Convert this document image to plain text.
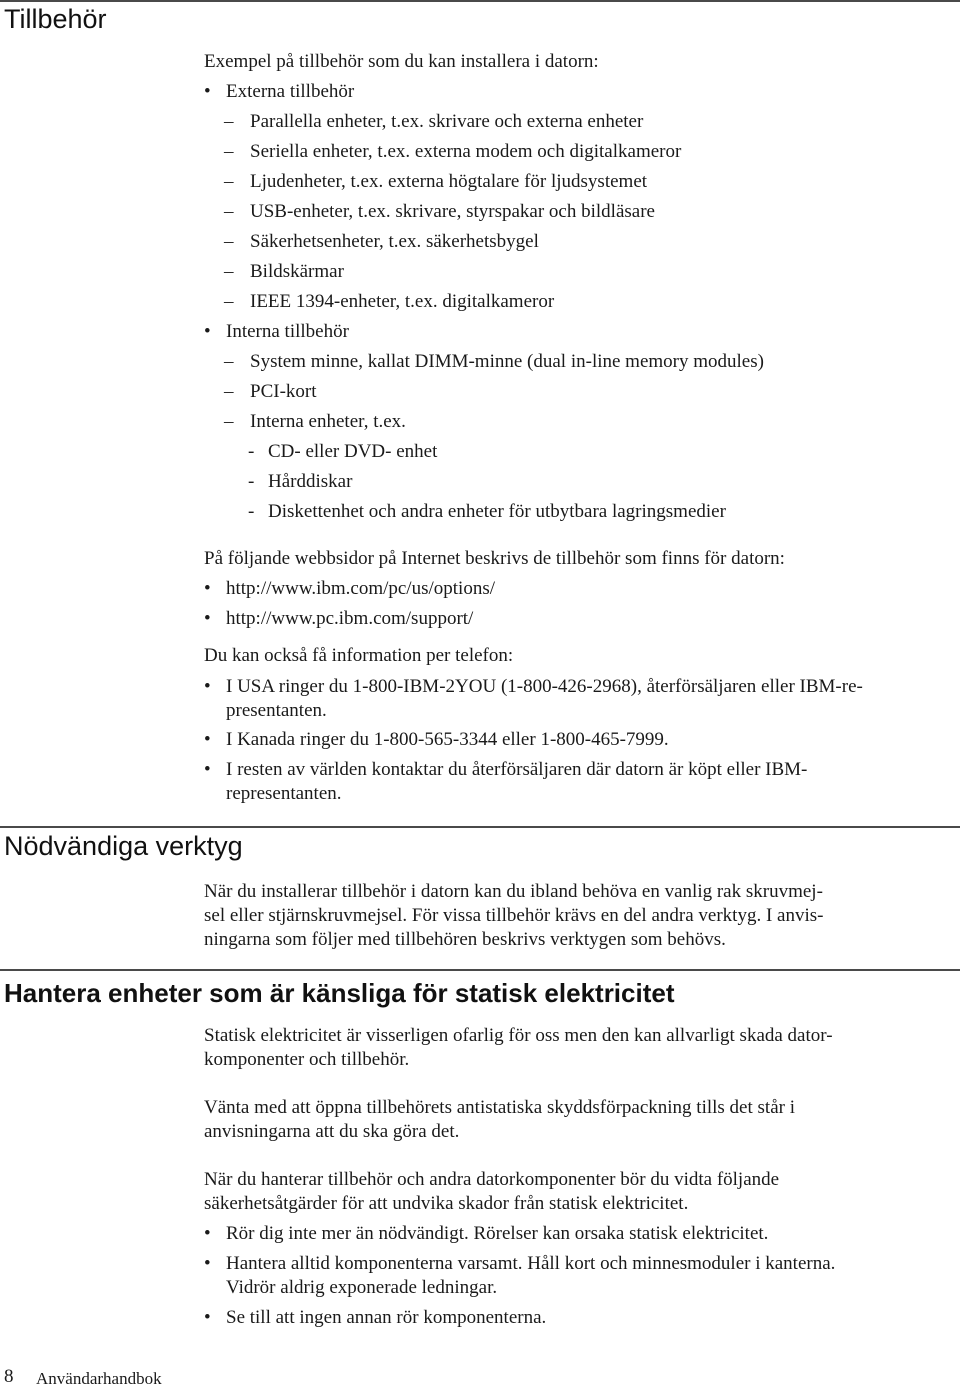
Tillbehör
Exempel på tillbehör som du kan installera i datorn:
• Externa tillbehör
– Parallella enheter, t.ex. skrivare och externa enheter
– Seriella enheter, t.ex. externa modem och digitalkameror
– Ljudenheter, t.ex. externa högtalare för ljudsystemet
– USB-enheter, t.ex. skrivare, styrspakar och bildläsare
– Säkerhetsenheter, t.ex. säkerhetsbygel
– Bildskärmar
– IEEE 1394-enheter, t.ex. digitalkameror
• Interna tillbehör
– System minne, kallat DIMM-minne (dual in-line memory modules)
– PCI-kort
– Interna enheter, t.ex.
- CD- eller DVD- enhet
- Hårddiskar
- Diskettenhet och andra enheter för utbytbara lagringsmedier
På följande webbsidor på Internet beskrivs de tillbehör som finns för datorn:
• http://www.ibm.com/pc/us/options/
• http://www.pc.ibm.com/support/
Du kan också få information per telefon:
• I USA ringer du 1-800-IBM-2YOU (1-800-426-2968), återförsäljaren eller IBM-re-
presentanten.
• I Kanada ringer du 1-800-565-3344 eller 1-800-465-7999.
• I resten av världen kontaktar du återförsäljaren där datorn är köpt eller IBM-
representanten.
Nödvändiga verktyg
När du installerar tillbehör i datorn kan du ibland behöva en vanlig rak skruvmej-
sel eller stjärnskruvmejsel. För vissa tillbehör krävs en del andra verktyg. I anvis-
ningarna som följer med tillbehören beskrivs verktygen som behövs.
Hantera enheter som är känsliga för statisk elektricitet
Statisk elektricitet är visserligen ofarlig för oss men den kan allvarligt skada dator-
komponenter och tillbehör.
Vänta med att öppna tillbehörets antistatiska skyddsförpackning tills det står i
anvisningarna att du ska göra det.
När du hanterar tillbehör och andra datorkomponenter bör du vidta följande
säkerhetsåtgärder för att undvika skador från statisk elektricitet.
• Rör dig inte mer än nödvändigt. Rörelser kan orsaka statisk elektricitet.
• Hantera alltid komponenterna varsamt. Håll kort och minnesmoduler i kanterna.
Vidrör aldrig exponerade ledningar.
• Se till att ingen annan rör komponenterna.
8 Användarhandbok
